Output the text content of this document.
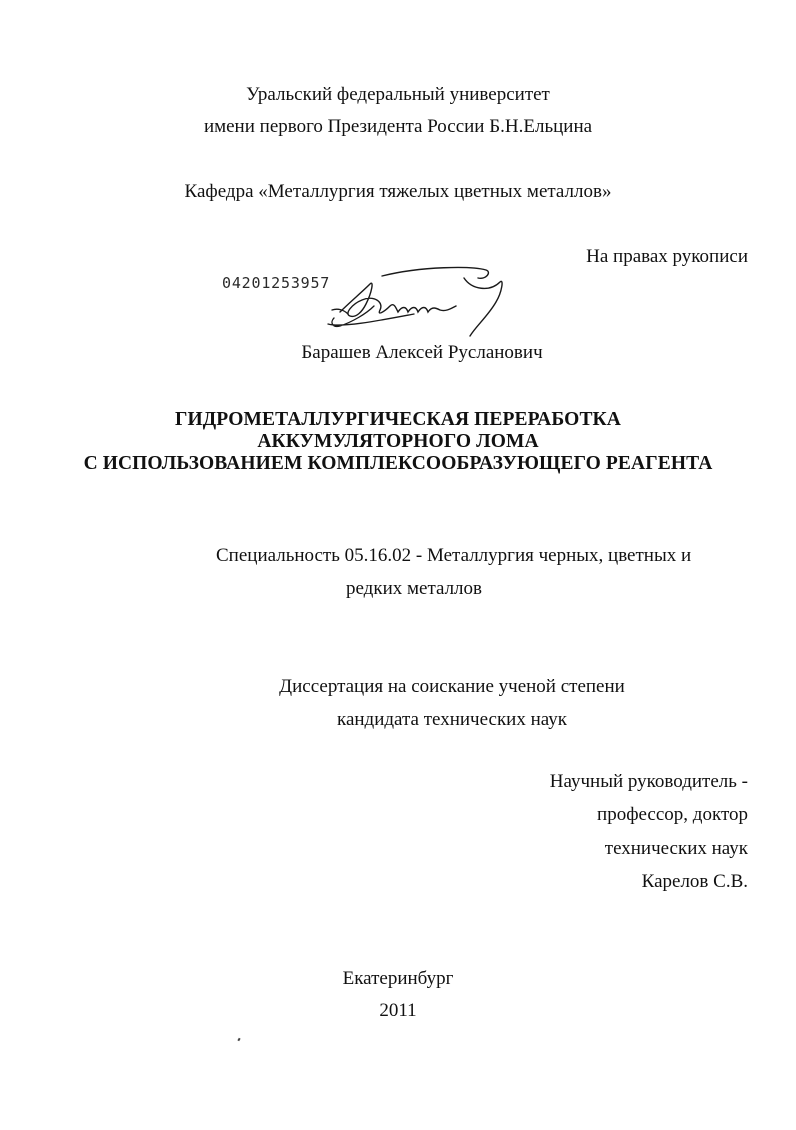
Уральский федеральный университет
имени первого Президента России Б.Н.Ельцина
Кафедра «Металлургия тяжелых цветных металлов»
На правах рукописи
04201253957
Барашев Алексей Русланович
ГИДРОМЕТАЛЛУРГИЧЕСКАЯ ПЕРЕРАБОТКА
АККУМУЛЯТОРНОГО ЛОМА
С ИСПОЛЬЗОВАНИЕМ КОМПЛЕКСООБРАЗУЮЩЕГО РЕАГЕНТА
Специальность 05.16.02 - Металлургия черных, цветных и
редких металлов
Диссертация на соискание ученой степени
кандидата технических наук
Научный руководитель -
профессор, доктор
технических наук
Карелов С.В.
Екатеринбург
2011
